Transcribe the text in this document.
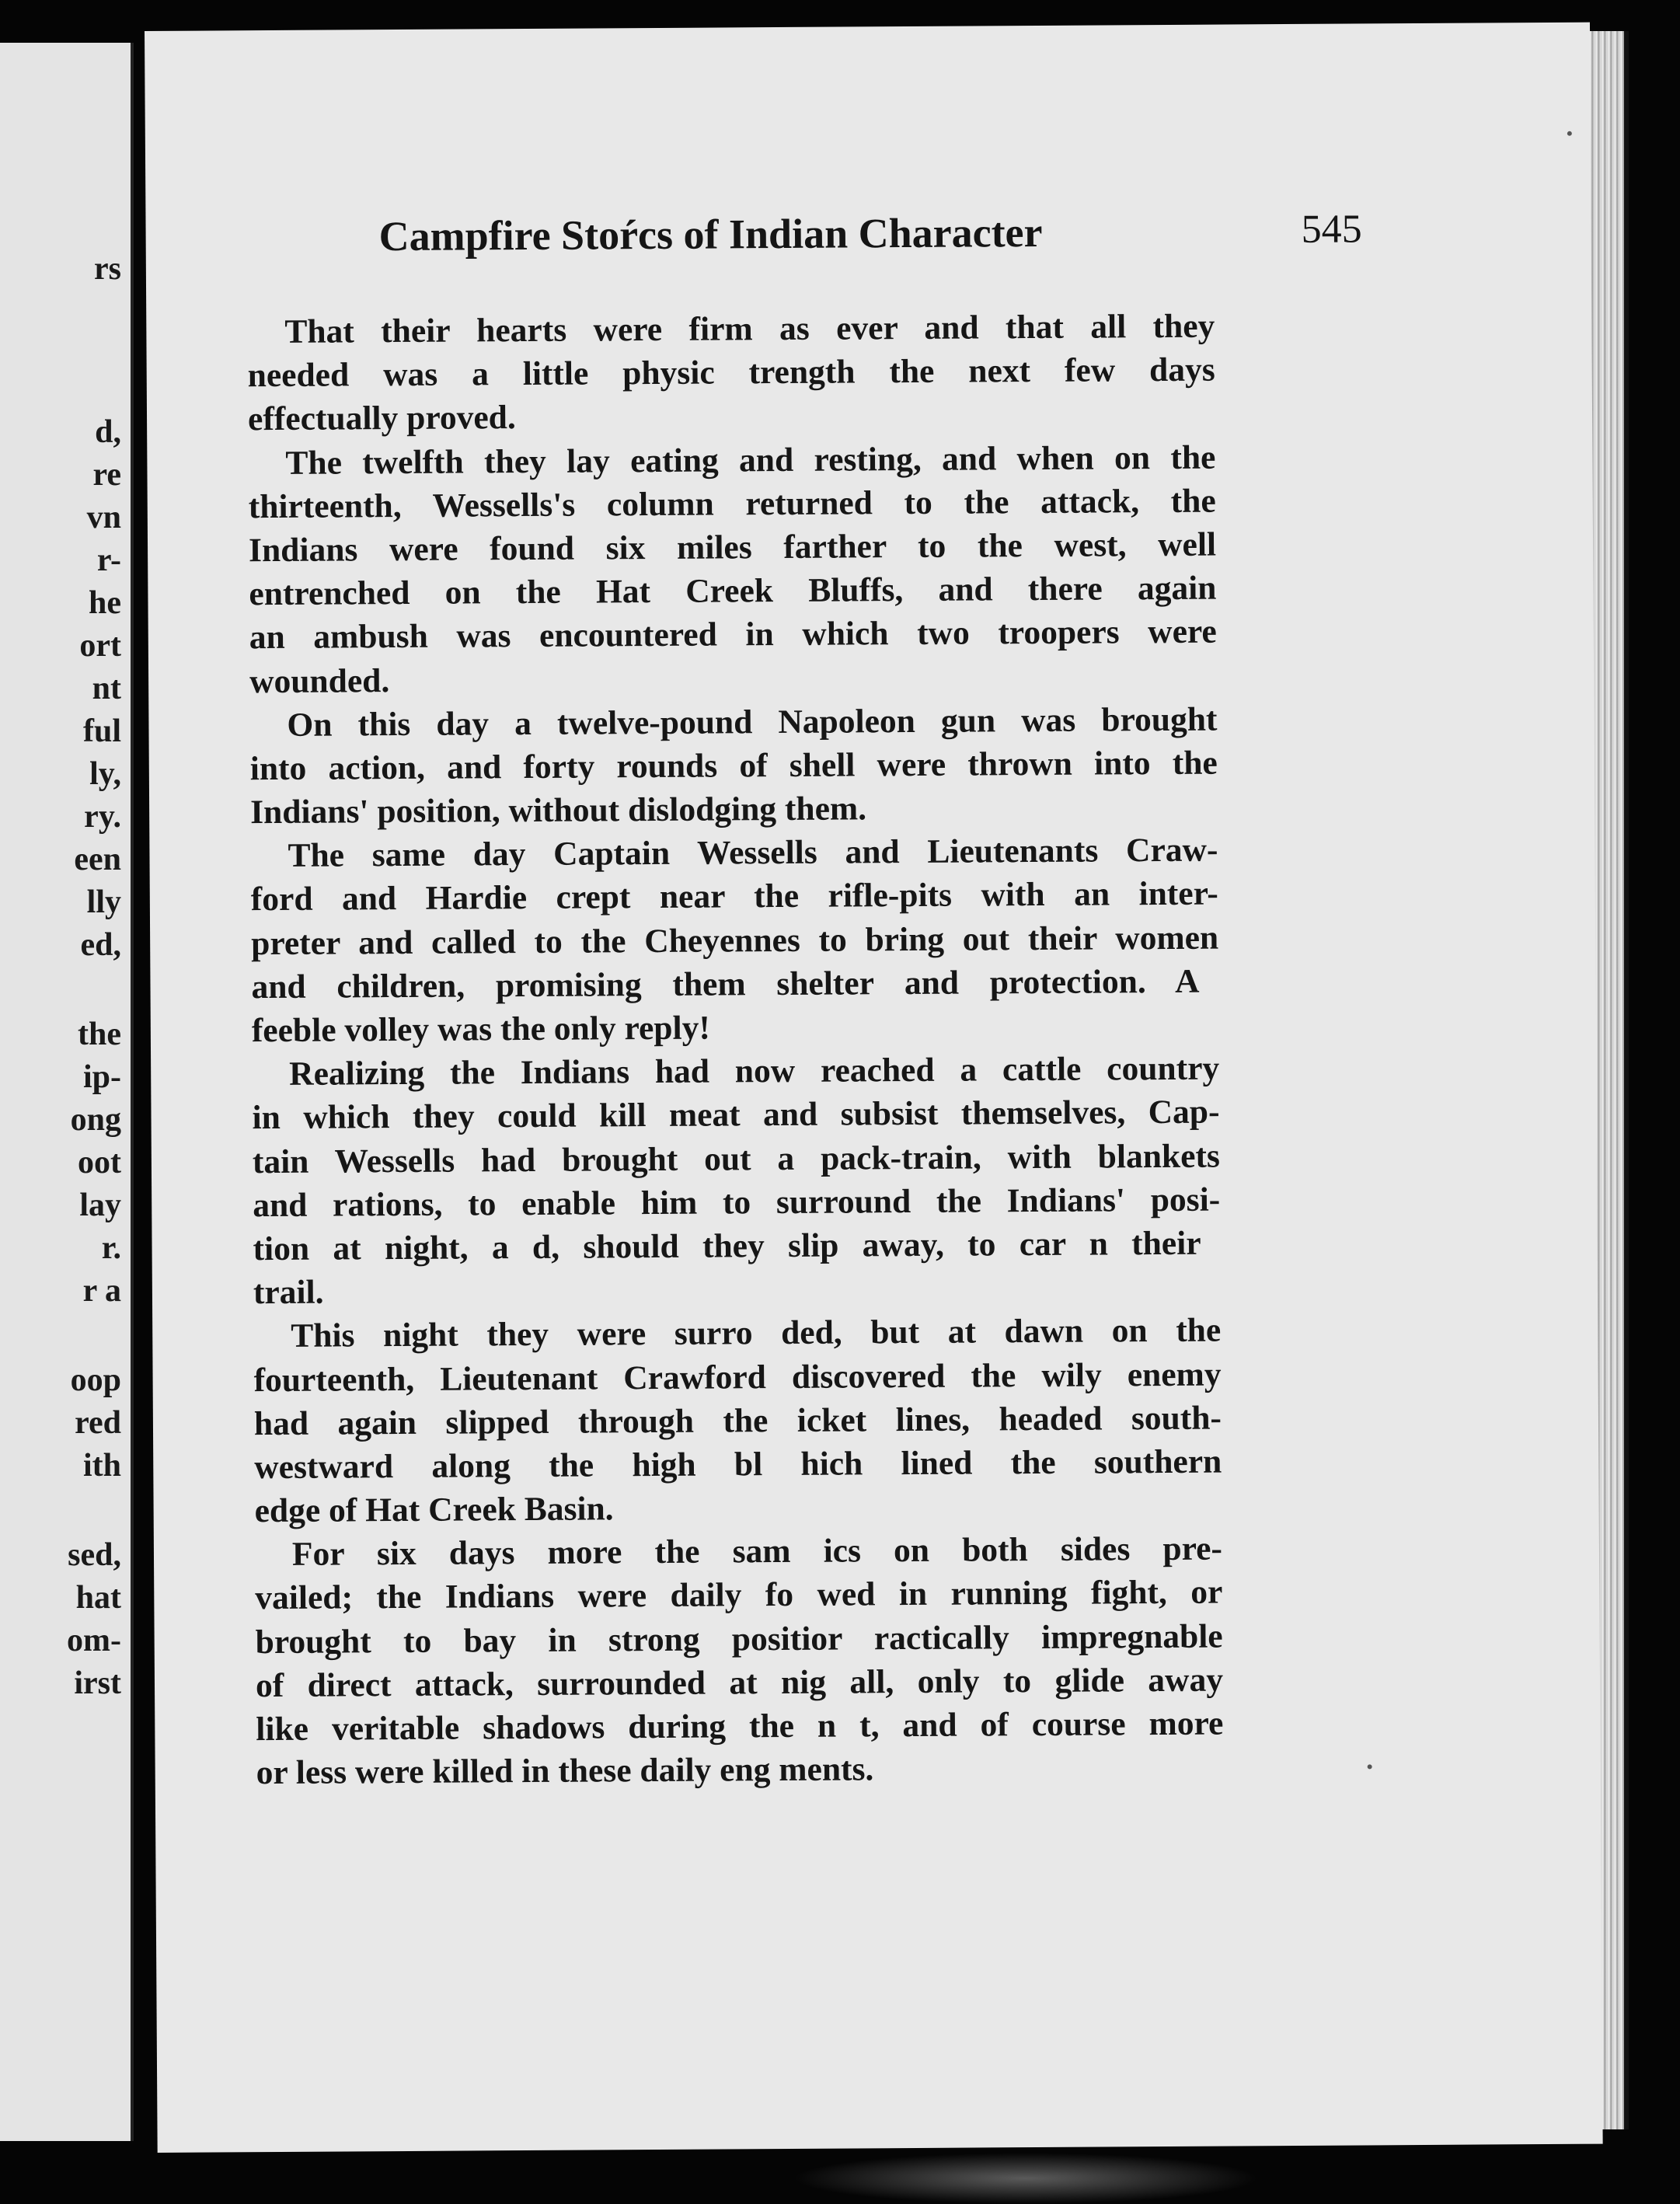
rs
d,
re
vn
r-
he
ort
nt
ful
ly,
ry.
een
lly
ed,
the
ip-
ong
oot
lay
r.
r a
oop
red
ith
sed,
hat
om-
irst
Campfire Stoŕcs of Indian Character	545
That their hearts were firm as ever and that all they
needed was a little physic trength the next few days
effectually proved.
The twelfth they lay eating and resting, and when on the
thirteenth, Wessells's column returned to the attack, the
Indians were found six miles farther to the west, well
entrenched on the Hat Creek Bluffs, and there again
an ambush was encountered in which two troopers were
wounded.
On this day a twelve-pound Napoleon gun was brought
into action, and forty rounds of shell were thrown into the
Indians' position, without dislodging them.
The same day Captain Wessells and Lieutenants Craw-
ford and Hardie crept near the rifle-pits with an inter-
preter and called to the Cheyennes to bring out their women
and children, promising them shelter and protection. A
feeble volley was the only reply!
Realizing the Indians had now reached a cattle country
in which they could kill meat and subsist themselves, Cap-
tain Wessells had brought out a pack-train, with blankets
and rations, to enable him to surround the Indians' posi-
tion at night, a d, should they slip away, to car n their
trail.
This night they were surro ded, but at dawn on the
fourteenth, Lieutenant Crawford discovered the wily enemy
had again slipped through the icket lines, headed south-
westward along the high bl hich lined the southern
edge of Hat Creek Basin.
For six days more the sam ics on both sides pre-
vailed; the Indians were daily fo wed in running fight, or
brought to bay in strong positior ractically impregnable
of direct attack, surrounded at nig all, only to glide away
like veritable shadows during the n t, and of course more
or less were killed in these daily eng ments.
